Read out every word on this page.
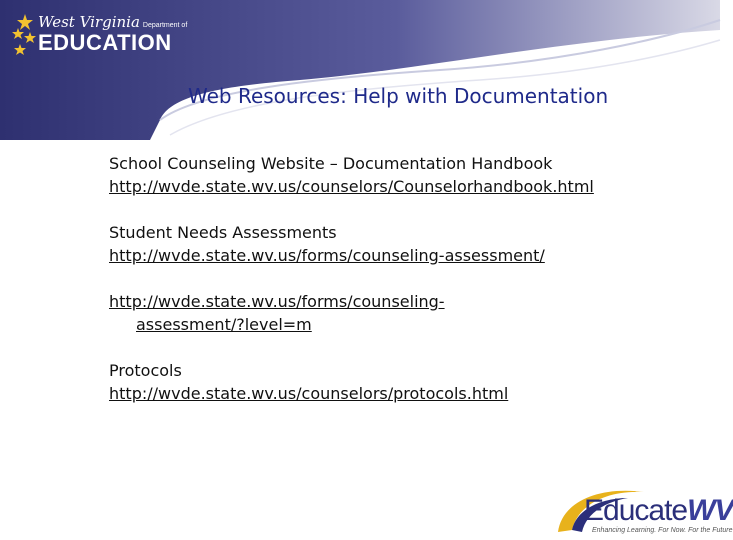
West Virginia Department of
EDUCATION
Web Resources: Help with Documentation
School Counseling Website – Documentation Handbook
http://wvde.state.wv.us/counselors/Counselorhandbook.html
Student Needs Assessments
http://wvde.state.wv.us/forms/counseling-assessment/
http://wvde.state.wv.us/forms/counseling-
assessment/?level=m
Protocols
http://wvde.state.wv.us/counselors/protocols.html
EducateWV
Enhancing Learning. For Now. For the Future
